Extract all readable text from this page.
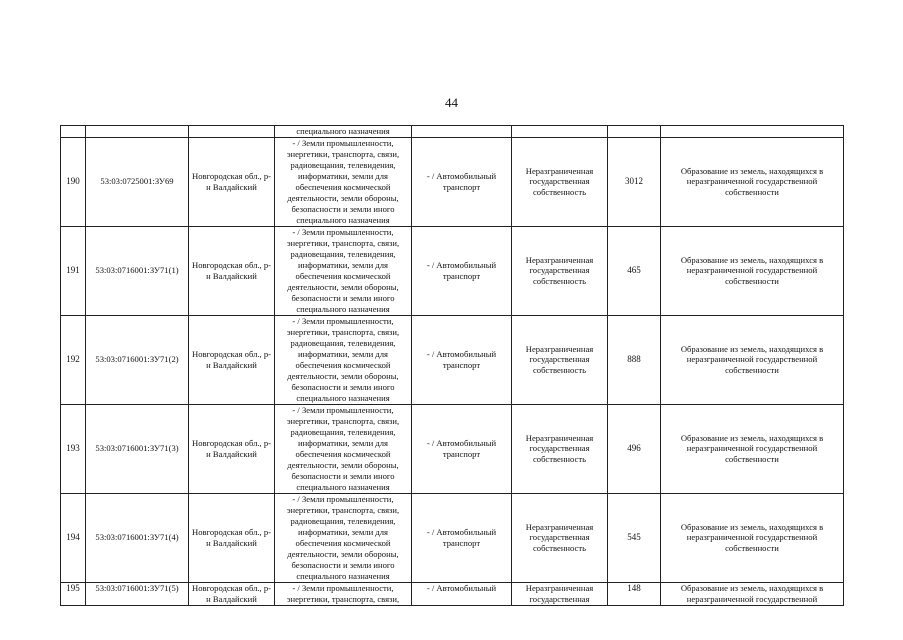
44
			специального назначения				
190	53:03:0725001:ЗУ69	Новгородская обл., р-н Валдайский	- / Земли промышленности, энергетики, транспорта, связи, радиовещания, телевидения, информатики, земли для обеспечения космической деятельности, земли обороны, безопасности и земли иного специального назначения	- / Автомобильный транспорт	Неразграниченная государственная собственность	3012	Образование из земель, находящихся в неразграниченной государственной собственности
191	53:03:0716001:ЗУ71(1)	Новгородская обл., р-н Валдайский	- / Земли промышленности, энергетики, транспорта, связи, радиовещания, телевидения, информатики, земли для обеспечения космической деятельности, земли обороны, безопасности и земли иного специального назначения	- / Автомобильный транспорт	Неразграниченная государственная собственность	465	Образование из земель, находящихся в неразграниченной государственной собственности
192	53:03:0716001:ЗУ71(2)	Новгородская обл., р-н Валдайский	- / Земли промышленности, энергетики, транспорта, связи, радиовещания, телевидения, информатики, земли для обеспечения космической деятельности, земли обороны, безопасности и земли иного специального назначения	- / Автомобильный транспорт	Неразграниченная государственная собственность	888	Образование из земель, находящихся в неразграниченной государственной собственности
193	53:03:0716001:ЗУ71(3)	Новгородская обл., р-н Валдайский	- / Земли промышленности, энергетики, транспорта, связи, радиовещания, телевидения, информатики, земли для обеспечения космической деятельности, земли обороны, безопасности и земли иного специального назначения	- / Автомобильный транспорт	Неразграниченная государственная собственность	496	Образование из земель, находящихся в неразграниченной государственной собственности
194	53:03:0716001:ЗУ71(4)	Новгородская обл., р-н Валдайский	- / Земли промышленности, энергетики, транспорта, связи, радиовещания, телевидения, информатики, земли для обеспечения космической деятельности, земли обороны, безопасности и земли иного специального назначения	- / Автомобильный транспорт	Неразграниченная государственная собственность	545	Образование из земель, находящихся в неразграниченной государственной собственности
195	53:03:0716001:ЗУ71(5)	Новгородская обл., р-н Валдайский	- / Земли промышленности, энергетики, транспорта, связи,	- / Автомобильный	Неразграниченная государственная	148	Образование из земель, находящихся в неразграниченной государственной
